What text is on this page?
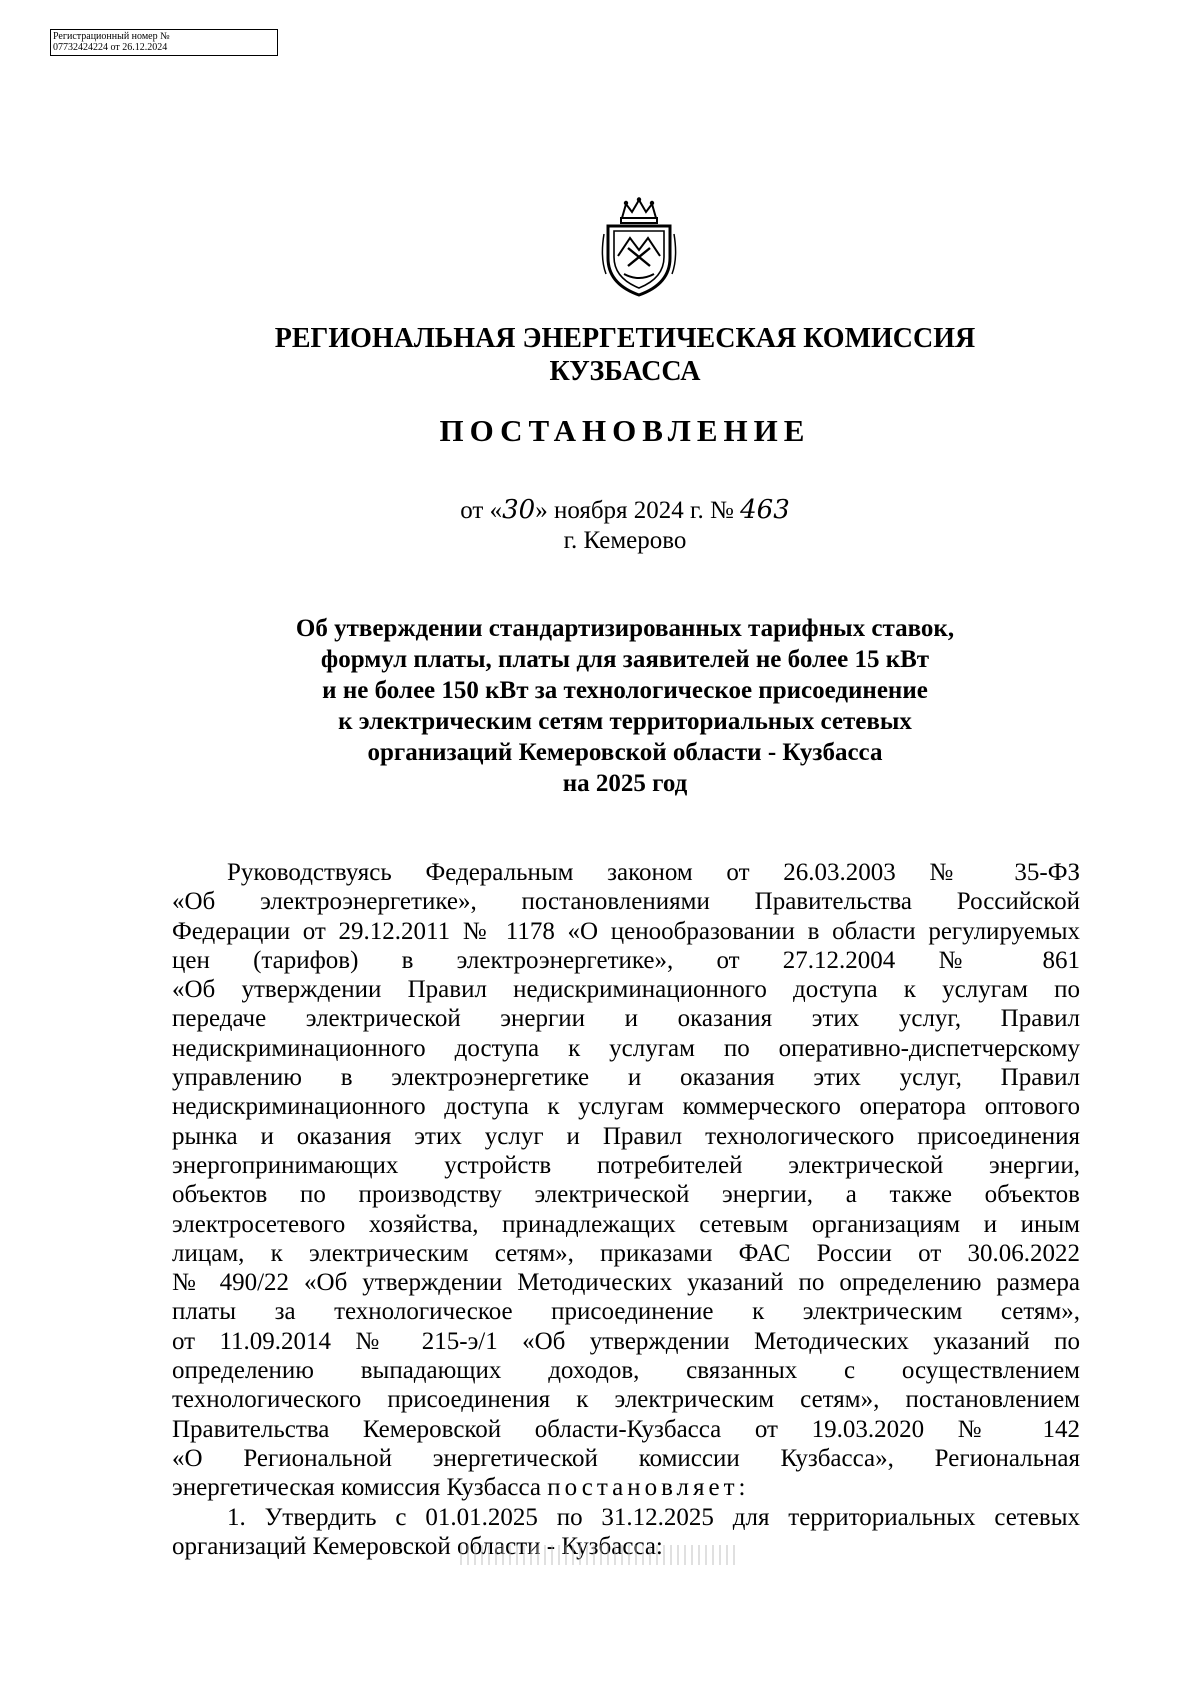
Регистрационный номер №
07732424224 от 26.12.2024
РЕГИОНАЛЬНАЯ ЭНЕРГЕТИЧЕСКАЯ КОМИССИЯ
КУЗБАССА
ПОСТАНОВЛЕНИЕ
от «30» ноября 2024 г. № 463
г. Кемерово
Об утверждении стандартизированных тарифных ставок,
формул платы, платы для заявителей не более 15 кВт
и не более 150 кВт за технологическое присоединение
к электрическим сетям территориальных сетевых
организаций Кемеровской области - Кузбасса
на 2025 год
Руководствуясь Федеральным законом от 26.03.2003 № 35-ФЗ
«Об электроэнергетике», постановлениями Правительства Российской
Федерации от 29.12.2011 № 1178 «О ценообразовании в области регулируемых
цен (тарифов) в электроэнергетике», от 27.12.2004 № 861
«Об утверждении Правил недискриминационного доступа к услугам по
передаче электрической энергии и оказания этих услуг, Правил
недискриминационного доступа к услугам по оперативно-диспетчерскому
управлению в электроэнергетике и оказания этих услуг, Правил
недискриминационного доступа к услугам коммерческого оператора оптового
рынка и оказания этих услуг и Правил технологического присоединения
энергопринимающих устройств потребителей электрической энергии,
объектов по производству электрической энергии, а также объектов
электросетевого хозяйства, принадлежащих сетевым организациям и иным
лицам, к электрическим сетям», приказами ФАС России от 30.06.2022
№ 490/22 «Об утверждении Методических указаний по определению размера
платы за технологическое присоединение к электрическим сетям»,
от 11.09.2014 № 215-э/1 «Об утверждении Методических указаний по
определению выпадающих доходов, связанных с осуществлением
технологического присоединения к электрическим сетям», постановлением
Правительства Кемеровской области-Кузбасса от 19.03.2020 № 142
«О Региональной энергетической комиссии Кузбасса», Региональная
энергетическая комиссия Кузбасса постановляет:
1. Утвердить с 01.01.2025 по 31.12.2025 для территориальных сетевых
организаций Кемеровской области - Кузбасса:
